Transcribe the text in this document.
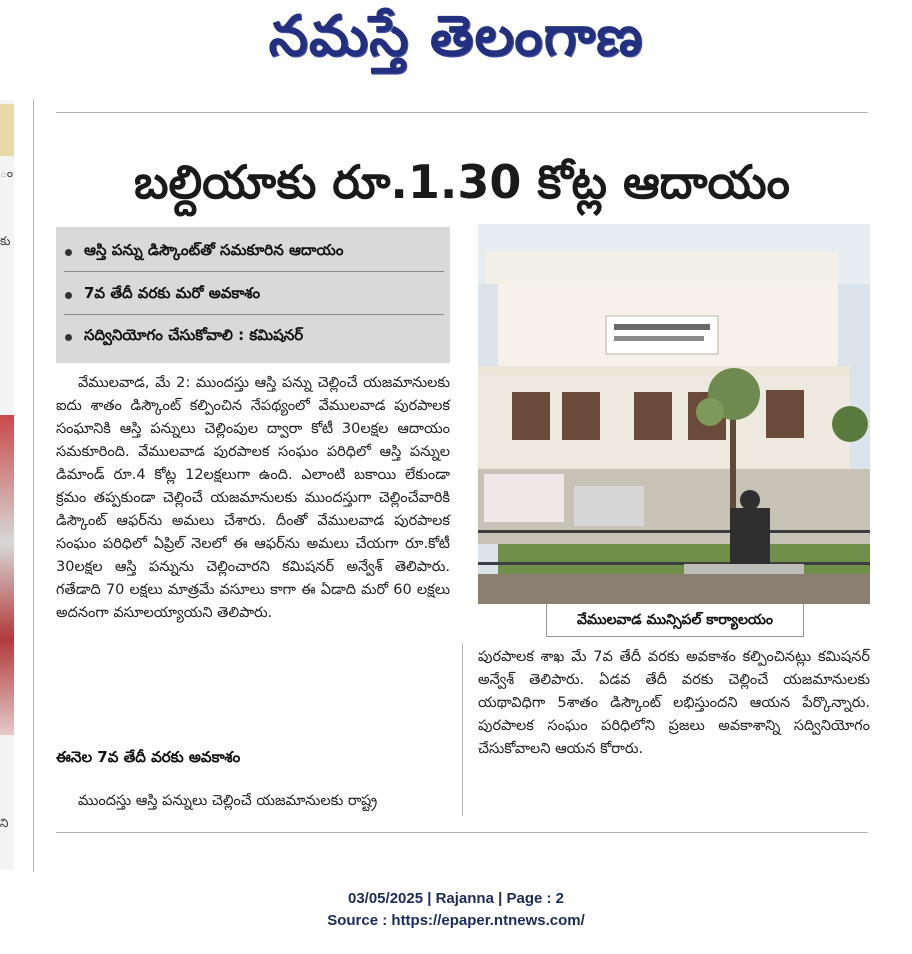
నమస్తే తెలంగాణ
ం
కు
ని
బల్దియాకు రూ.1.30 కోట్ల ఆదాయం
ఆస్తి పన్ను డిస్కౌంట్‌తో సమకూరిన ఆదాయం
7వ తేదీ వరకు మరో అవకాశం
సద్వినియోగం చేసుకోవాలి : కమిషనర్

వేములవాడ, మే 2: ముందస్తు ఆస్తి పన్ను చెల్లించే యజమానులకు ఐదు శాతం డిస్కౌంట్ కల్పించిన నేపథ్యంలో వేములవాడ పురపాలక సంఘానికి ఆస్తి పన్నులు చెల్లింపుల ద్వారా కోటీ 30లక్షల ఆదాయం సమకూరింది. వేములవాడ పురపాలక సంఘం పరిధిలో ఆస్తి పన్నుల డిమాండ్ రూ.4 కోట్ల 12లక్షలుగా ఉంది. ఎలాంటి బకాయి లేకుండా క్రమం తప్పకుండా చెల్లించే యజమానులకు ముందస్తుగా చెల్లించేవారికి డిస్కౌంట్ ఆఫర్‌ను అమలు చేశారు. దీంతో వేములవాడ పురపాలక సంఘం పరిధిలో ఏప్రిల్ నెలలో ఈ ఆఫర్‌ను అమలు చేయగా రూ.కోటీ 30లక్షల ఆస్తి పన్నును చెల్లించారని కమిషనర్ అన్వేశ్ తెలిపారు. గతేడాది 70 లక్షలు మాత్రమే వసూలు కాగా ఈ ఏడాది మరో 60 లక్షలు అదనంగా వసూలయ్యాయని తెలిపారు.

ఈనెల 7వ తేదీ వరకు అవకాశం

ముందస్తు ఆస్తి పన్నులు చెల్లించే యజమానులకు రాష్ట్ర

వేములవాడ మున్సిపల్ కార్యాలయం

పురపాలక శాఖ మే 7వ తేదీ వరకు అవకాశం కల్పించినట్లు కమిషనర్ అన్వేశ్ తెలిపారు. ఏడవ తేదీ వరకు చెల్లించే యజమానులకు యథావిధిగా 5శాతం డిస్కౌంట్ లభిస్తుందని ఆయన పేర్కొన్నారు. పురపాలక సంఘం పరిధిలోని ప్రజలు అవకాశాన్ని సద్వినియోగం చేసుకోవాలని ఆయన కోరారు.

03/05/2025 | Rajanna | Page : 2
Source : https://epaper.ntnews.com/
